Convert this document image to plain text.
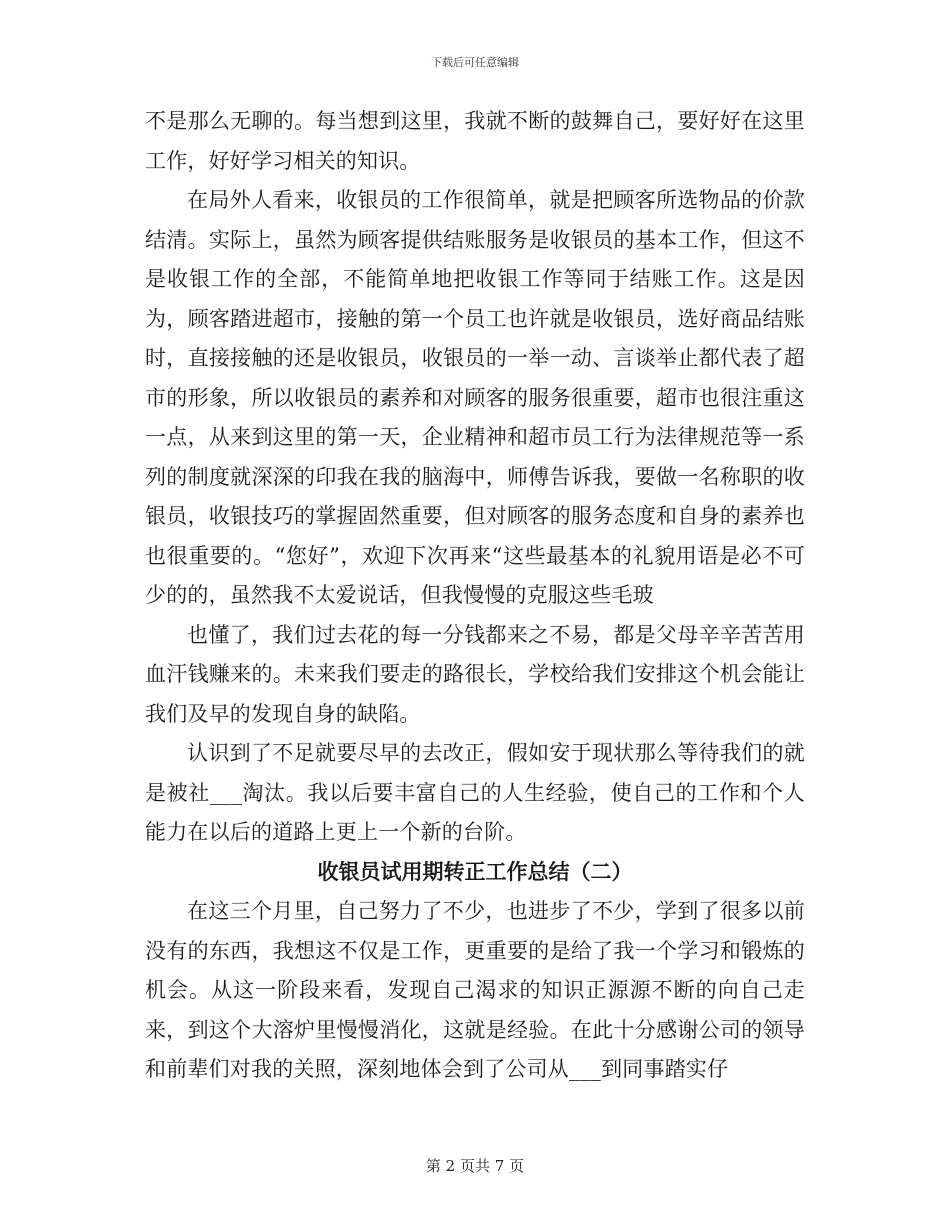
下载后可任意编辑

不是那么无聊的。每当想到这里，我就不断的鼓舞自己，要好好在这里工作，好好学习相关的知识。

在局外人看来，收银员的工作很简单，就是把顾客所选物品的价款结清。实际上，虽然为顾客提供结账服务是收银员的基本工作，但这不是收银工作的全部，不能简单地把收银工作等同于结账工作。这是因为，顾客踏进超市，接触的第一个员工也许就是收银员，选好商品结账时，直接接触的还是收银员，收银员的一举一动、言谈举止都代表了超市的形象，所以收银员的素养和对顾客的服务很重要，超市也很注重这一点，从来到这里的第一天，企业精神和超市员工行为法律规范等一系列的制度就深深的印我在我的脑海中，师傅告诉我，要做一名称职的收银员，收银技巧的掌握固然重要，但对顾客的服务态度和自身的素养也也很重要的。“您好”，欢迎下次再来“这些最基本的礼貌用语是必不可少的的，虽然我不太爱说话，但我慢慢的克服这些毛玻

也懂了，我们过去花的每一分钱都来之不易，都是父母辛辛苦苦用血汗钱赚来的。未来我们要走的路很长，学校给我们安排这个机会能让我们及早的发现自身的缺陷。

认识到了不足就要尽早的去改正，假如安于现状那么等待我们的就是被社___淘汰。我以后要丰富自己的人生经验，使自己的工作和个人能力在以后的道路上更上一个新的台阶。

收银员试用期转正工作总结（二）

在这三个月里，自己努力了不少，也进步了不少，学到了很多以前没有的东西，我想这不仅是工作，更重要的是给了我一个学习和锻炼的机会。从这一阶段来看，发现自己渴求的知识正源源不断的向自己走来，到这个大溶炉里慢慢消化，这就是经验。在此十分感谢公司的领导和前辈们对我的关照，深刻地体会到了公司从___到同事踏实仔

第 2 页共 7 页
